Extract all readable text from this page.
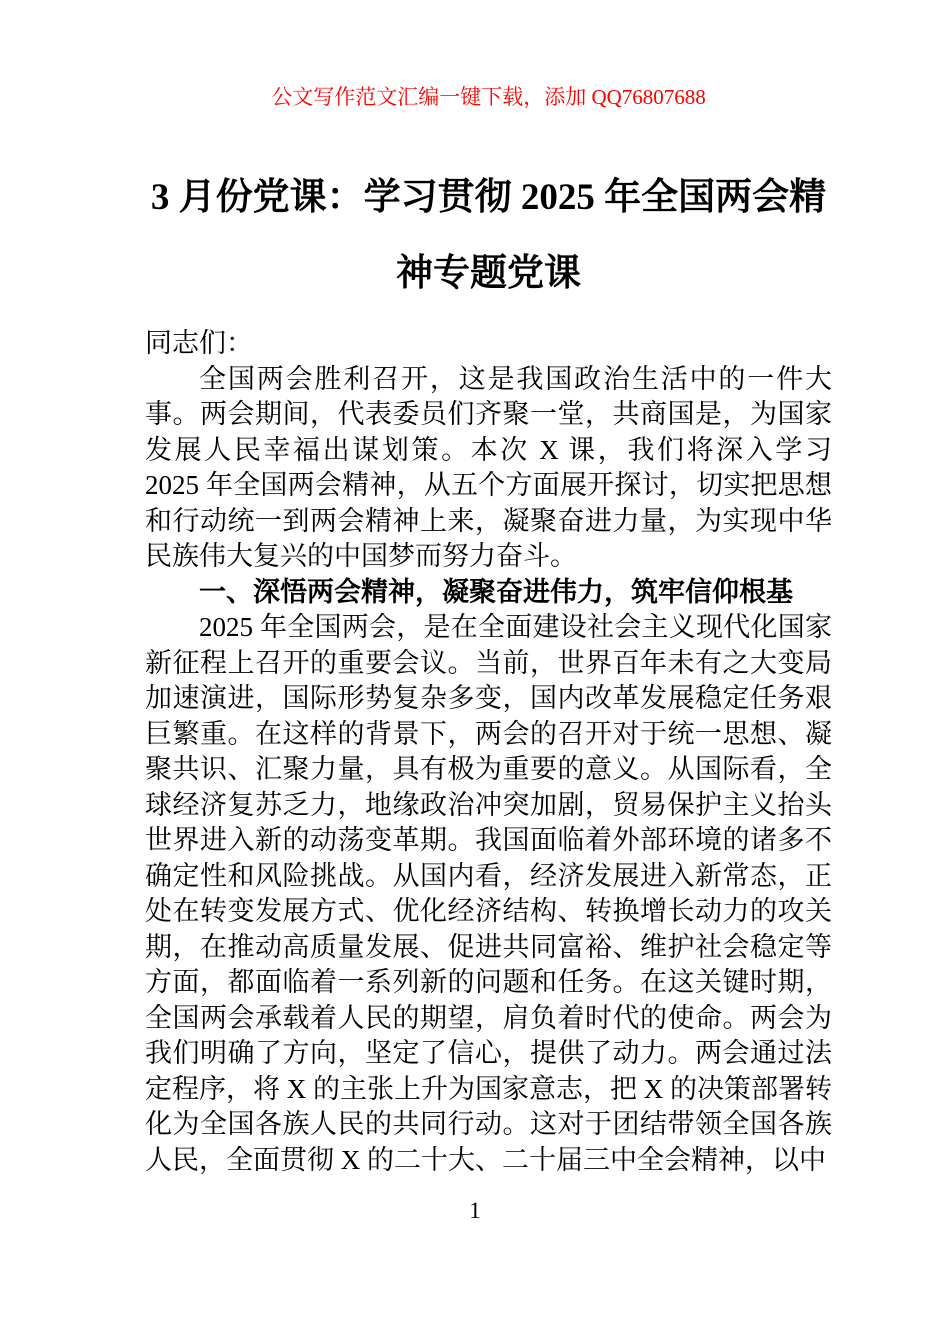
公文写作范文汇编一键下载，添加 QQ76807688
3 月份党课：学习贯彻 2025 年全国两会精神专题党课

同志们：

全国两会胜利召开，这是我国政治生活中的一件大事。两会期间，代表委员们齐聚一堂，共商国是，为国家发展人民幸福出谋划策。本次 X 课，我们将深入学习 2025 年全国两会精神，从五个方面展开探讨，切实把思想和行动统一到两会精神上来，凝聚奋进力量，为实现中华民族伟大复兴的中国梦而努力奋斗。

一、深悟两会精神，凝聚奋进伟力，筑牢信仰根基

2025 年全国两会，是在全面建设社会主义现代化国家新征程上召开的重要会议。当前，世界百年未有之大变局加速演进，国际形势复杂多变，国内改革发展稳定任务艰巨繁重。在这样的背景下，两会的召开对于统一思想、凝聚共识、汇聚力量，具有极为重要的意义。从国际看，全球经济复苏乏力，地缘政治冲突加剧，贸易保护主义抬头世界进入新的动荡变革期。我国面临着外部环境的诸多不确定性和风险挑战。从国内看，经济发展进入新常态，正处在转变发展方式、优化经济结构、转换增长动力的攻关期，在推动高质量发展、促进共同富裕、维护社会稳定等方面，都面临着一系列新的问题和任务。在这关键时期，全国两会承载着人民的期望，肩负着时代的使命。两会为我们明确了方向，坚定了信心，提供了动力。两会通过法定程序，将 X 的主张上升为国家意志，把 X 的决策部署转化为全国各族人民的共同行动。这对于团结带领全国各族人民，全面贯彻 X 的二十大、二十届三中全会精神，以中

1
